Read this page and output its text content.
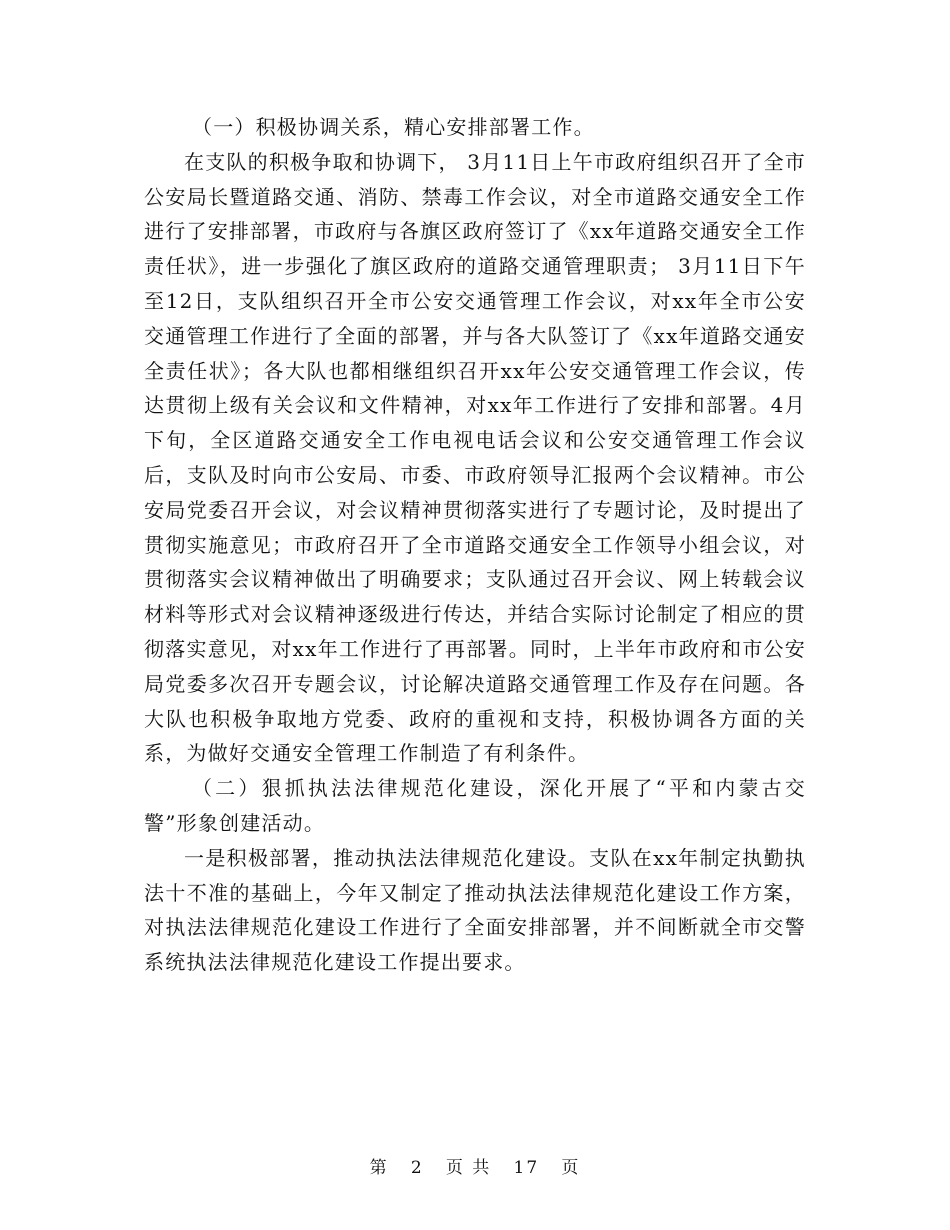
（一）积极协调关系，精心安排部署工作。

在支队的积极争取和协调下， 3月11日上午市政府组织召开了全市公安局长暨道路交通、消防、禁毒工作会议，对全市道路交通安全工作进行了安排部署，市政府与各旗区政府签订了《xx年道路交通安全工作责任状》，进一步强化了旗区政府的道路交通管理职责； 3月11日下午至12日，支队组织召开全市公安交通管理工作会议，对xx年全市公安交通管理工作进行了全面的部署，并与各大队签订了《xx年道路交通安全责任状》；各大队也都相继组织召开xx年公安交通管理工作会议，传达贯彻上级有关会议和文件精神，对xx年工作进行了安排和部署。4月下旬，全区道路交通安全工作电视电话会议和公安交通管理工作会议后，支队及时向市公安局、市委、市政府领导汇报两个会议精神。市公安局党委召开会议，对会议精神贯彻落实进行了专题讨论，及时提出了贯彻实施意见；市政府召开了全市道路交通安全工作领导小组会议，对贯彻落实会议精神做出了明确要求；支队通过召开会议、网上转载会议材料等形式对会议精神逐级进行传达，并结合实际讨论制定了相应的贯彻落实意见，对xx年工作进行了再部署。同时，上半年市政府和市公安局党委多次召开专题会议，讨论解决道路交通管理工作及存在问题。各大队也积极争取地方党委、政府的重视和支持，积极协调各方面的关系，为做好交通安全管理工作制造了有利条件。

（二）狠抓执法法律规范化建设，深化开展了“平和内蒙古交警”形象创建活动。

一是积极部署，推动执法法律规范化建设。支队在xx年制定执勤执法十不准的基础上，今年又制定了推动执法法律规范化建设工作方案，对执法法律规范化建设工作进行了全面安排部署，并不间断就全市交警系统执法法律规范化建设工作提出要求。

第 2 页 共 17 页
